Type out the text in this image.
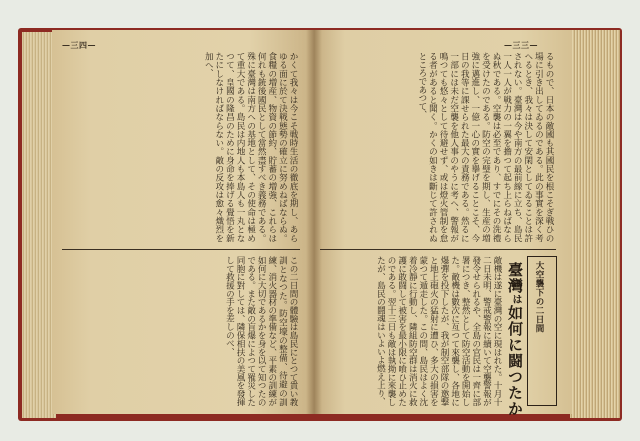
—三四—	—三三—
かくて我々は今こそ戦時生活の徹底を期し、あらゆる面に於て決戦態勢の確立に努めねばならぬ。食糧の増産、物資の節約、貯蓄の増強、これらは何れも銃後國民として當然盡すべき義務である。殊に臺灣は南方への基地として、その使命は極めて重大である。島民は内地人も本島人も一丸となつて、皇國の隆昌のために身命を捧げる覺悟を新たにしなければならない。敵の反攻は愈々熾烈を加へ、
この二日間の體驗は島民にとつて貴い教訓となつた。防空壕の整備、待避の訓練、消火器材の準備など、平素の訓練が如何に大切であるかを身を以て知つたのである。また敵の盲爆によつて罹災した同胞に對しては、隣保相扶の美風を發揮して救援の手を差しのべ、
るもので、日本の敵國も其國民を根こそぎ戦ひの場に引き出してゐるのである。此の事實を深く考へるとき、我々は決して安閑としてゐることは許されない。臺灣は今や南方の最前線に立ち、島民一人一人が戦力の一翼を擔つて起ち上らねばならぬ秋である。空襲は必至であり、すでにその洗禮を受けたのである。防空の完璧を期し、生産の増強に邁進し、一億一心の實を擧げることこそ、今日の我等に課せられた最大の責務である。然るに一部には未だ空襲を他人事のやうに考へ、警報が鳴つても悠々として待避せず、或は燈火管制を怠る者があると聞く。かくの如きは斷じて許されぬところであつて、
敵機は遂に臺灣の空に現はれた。十月十二日未明、警戒警報に續いて空襲警報が發令せられるや、全島の官民は一齊に部署につき、整然として防空活動を開始した。敵機は數次に亙つて來襲し、各地に爆彈を投下したが、我が制空部隊の邀撃と地上砲火の猛射に遭ひ、多大の損害を蒙つて遁走した。この間、島民はよく沈着冷靜に行動し、隣組防空群は消火に救護に敢闘して被害を最小限に喰ひ止めたのである。翌十三日も敵は執拗に來襲したが、島民の鬪魂はいよいよ燃え上り、	大空襲下の二日間
臺灣は如何に闘つたか
